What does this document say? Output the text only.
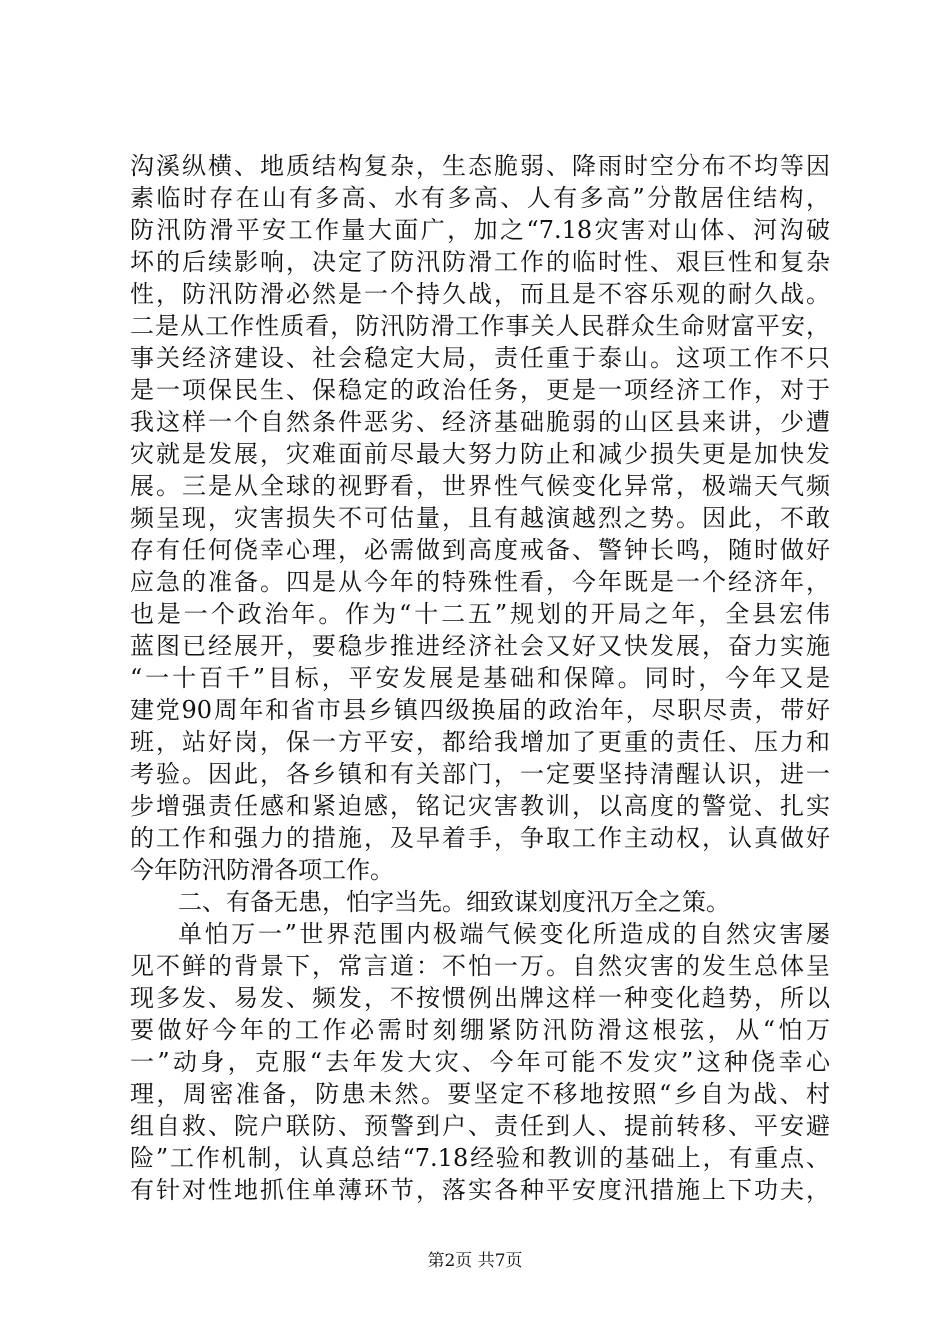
沟溪纵横、地质结构复杂，生态脆弱、降雨时空分布不均等因
素临时存在山有多高、水有多高、人有多高”分散居住结构，
防汛防滑平安工作量大面广，加之“7.18灾害对山体、河沟破
坏的后续影响，决定了防汛防滑工作的临时性、艰巨性和复杂
性，防汛防滑必然是一个持久战，而且是不容乐观的耐久战。
二是从工作性质看，防汛防滑工作事关人民群众生命财富平安，
事关经济建设、社会稳定大局，责任重于泰山。这项工作不只
是一项保民生、保稳定的政治任务，更是一项经济工作，对于
我这样一个自然条件恶劣、经济基础脆弱的山区县来讲，少遭
灾就是发展，灾难面前尽最大努力防止和减少损失更是加快发
展。三是从全球的视野看，世界性气候变化异常，极端天气频
频呈现，灾害损失不可估量，且有越演越烈之势。因此，不敢
存有任何侥幸心理，必需做到高度戒备、警钟长鸣，随时做好
应急的准备。四是从今年的特殊性看，今年既是一个经济年，
也是一个政治年。作为“十二五”规划的开局之年，全县宏伟
蓝图已经展开，要稳步推进经济社会又好又快发展，奋力实施
“一十百千”目标，平安发展是基础和保障。同时，今年又是
建党90周年和省市县乡镇四级换届的政治年，尽职尽责，带好
班，站好岗，保一方平安，都给我增加了更重的责任、压力和
考验。因此，各乡镇和有关部门，一定要坚持清醒认识，进一
步增强责任感和紧迫感，铭记灾害教训，以高度的警觉、扎实
的工作和强力的措施，及早着手，争取工作主动权，认真做好
今年防汛防滑各项工作。
二、有备无患，怕字当先。细致谋划度汛万全之策。
单怕万一”世界范围内极端气候变化所造成的自然灾害屡
见不鲜的背景下，常言道：不怕一万。自然灾害的发生总体呈
现多发、易发、频发，不按惯例出牌这样一种变化趋势，所以
要做好今年的工作必需时刻绷紧防汛防滑这根弦，从“怕万
一”动身，克服“去年发大灾、今年可能不发灾”这种侥幸心
理，周密准备，防患未然。要坚定不移地按照“乡自为战、村
组自救、院户联防、预警到户、责任到人、提前转移、平安避
险”工作机制，认真总结“7.18经验和教训的基础上，有重点、
有针对性地抓住单薄环节，落实各种平安度汛措施上下功夫，
第2页 共7页
